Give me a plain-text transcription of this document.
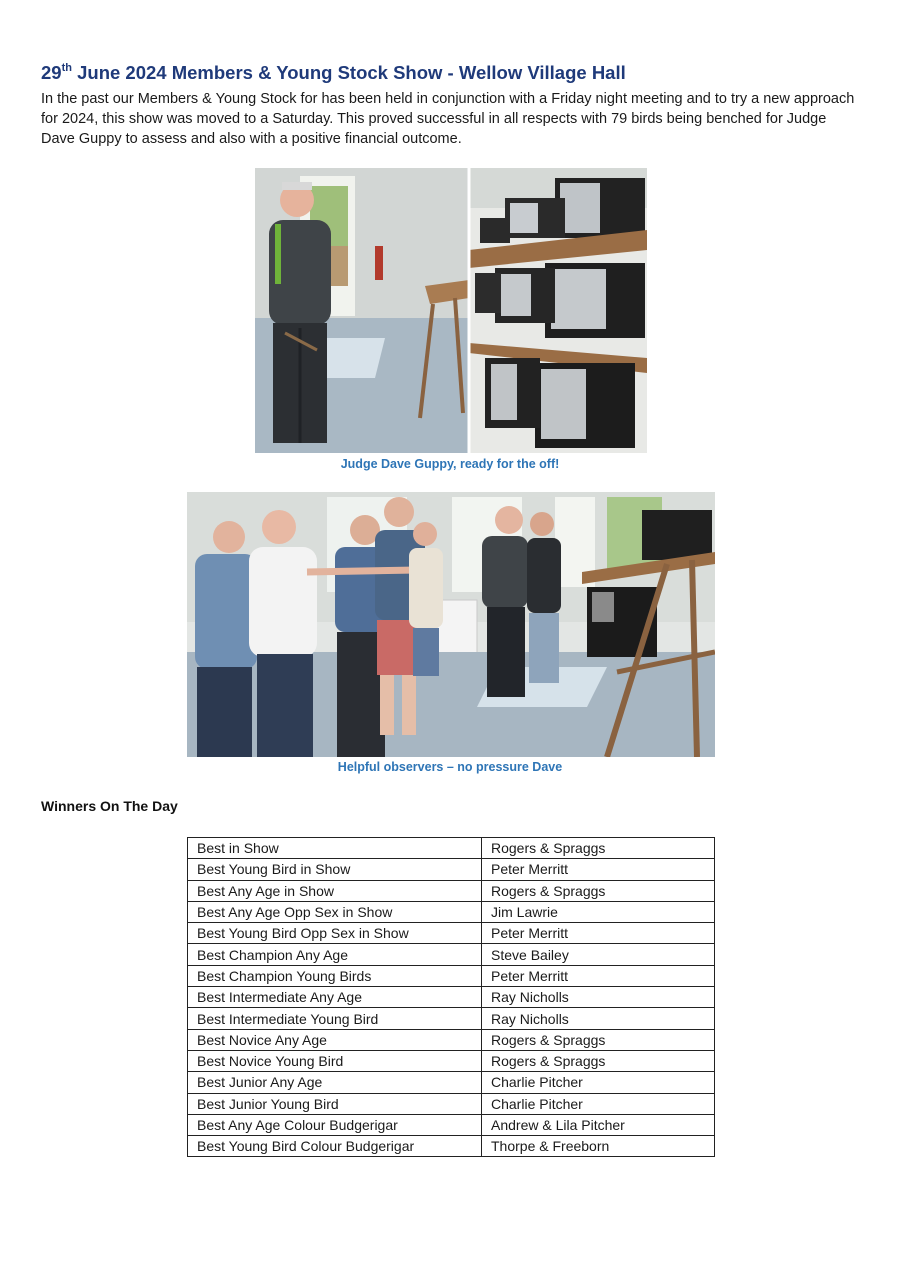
29th June 2024 Members & Young Stock Show - Wellow Village Hall

In the past our Members & Young Stock for has been held in conjunction with a Friday night meeting and to try a new approach for 2024, this show was moved to a Saturday. This proved successful in all respects with 79 birds being benched for Judge Dave Guppy to assess and also with a positive financial outcome.

Judge Dave Guppy, ready for the off!
Helpful observers – no pressure Dave
Winners On The Day
Best in Show	Rogers & Spraggs
Best Young Bird in Show	Peter Merritt
Best Any Age in Show	Rogers & Spraggs
Best Any Age Opp Sex in Show	Jim Lawrie
Best Young Bird Opp Sex in Show	Peter Merritt
Best Champion Any Age	Steve Bailey
Best Champion Young Birds	Peter Merritt
Best Intermediate Any Age	Ray Nicholls
Best Intermediate Young Bird	Ray Nicholls
Best Novice Any Age	Rogers & Spraggs
Best Novice Young Bird	Rogers & Spraggs
Best Junior Any Age	Charlie Pitcher
Best Junior Young Bird	Charlie Pitcher
Best Any Age Colour Budgerigar	Andrew & Lila Pitcher
Best Young Bird Colour Budgerigar	Thorpe & Freeborn
